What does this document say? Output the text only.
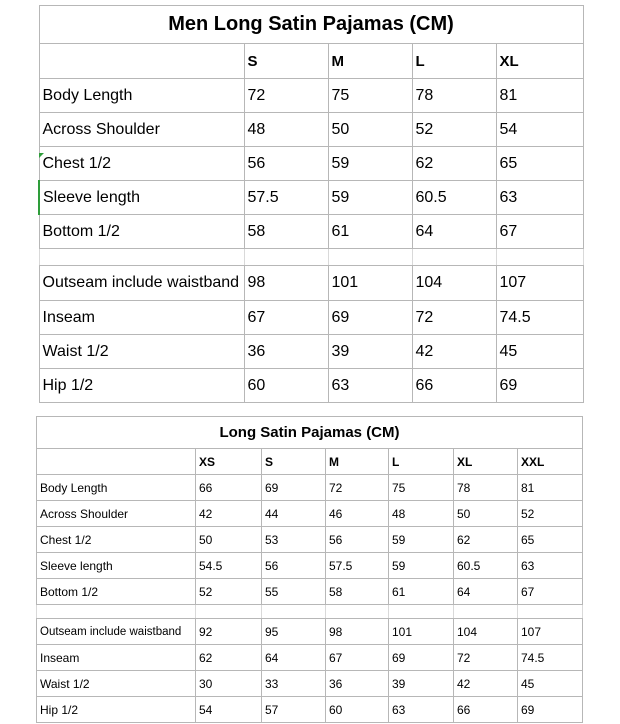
Men Long Satin Pajamas (CM)				
	S	M	L	XL
Body Length	72	75	78	81
Across Shoulder	48	50	52	54
Chest 1/2	56	59	62	65
Sleeve length	57.5	59	60.5	63
Bottom 1/2	58	61	64	67

Outseam include waistband	98	101	104	107
Inseam	67	69	72	74.5
Waist 1/2	36	39	42	45
Hip 1/2	60	63	66	69
Long Satin Pajamas (CM)						
	XS	S	M	L	XL	XXL
Body Length	66	69	72	75	78	81
Across Shoulder	42	44	46	48	50	52
Chest 1/2	50	53	56	59	62	65
Sleeve length	54.5	56	57.5	59	60.5	63
Bottom 1/2	52	55	58	61	64	67

Outseam include waistband	92	95	98	101	104	107
Inseam	62	64	67	69	72	74.5
Waist 1/2	30	33	36	39	42	45
Hip 1/2	54	57	60	63	66	69
